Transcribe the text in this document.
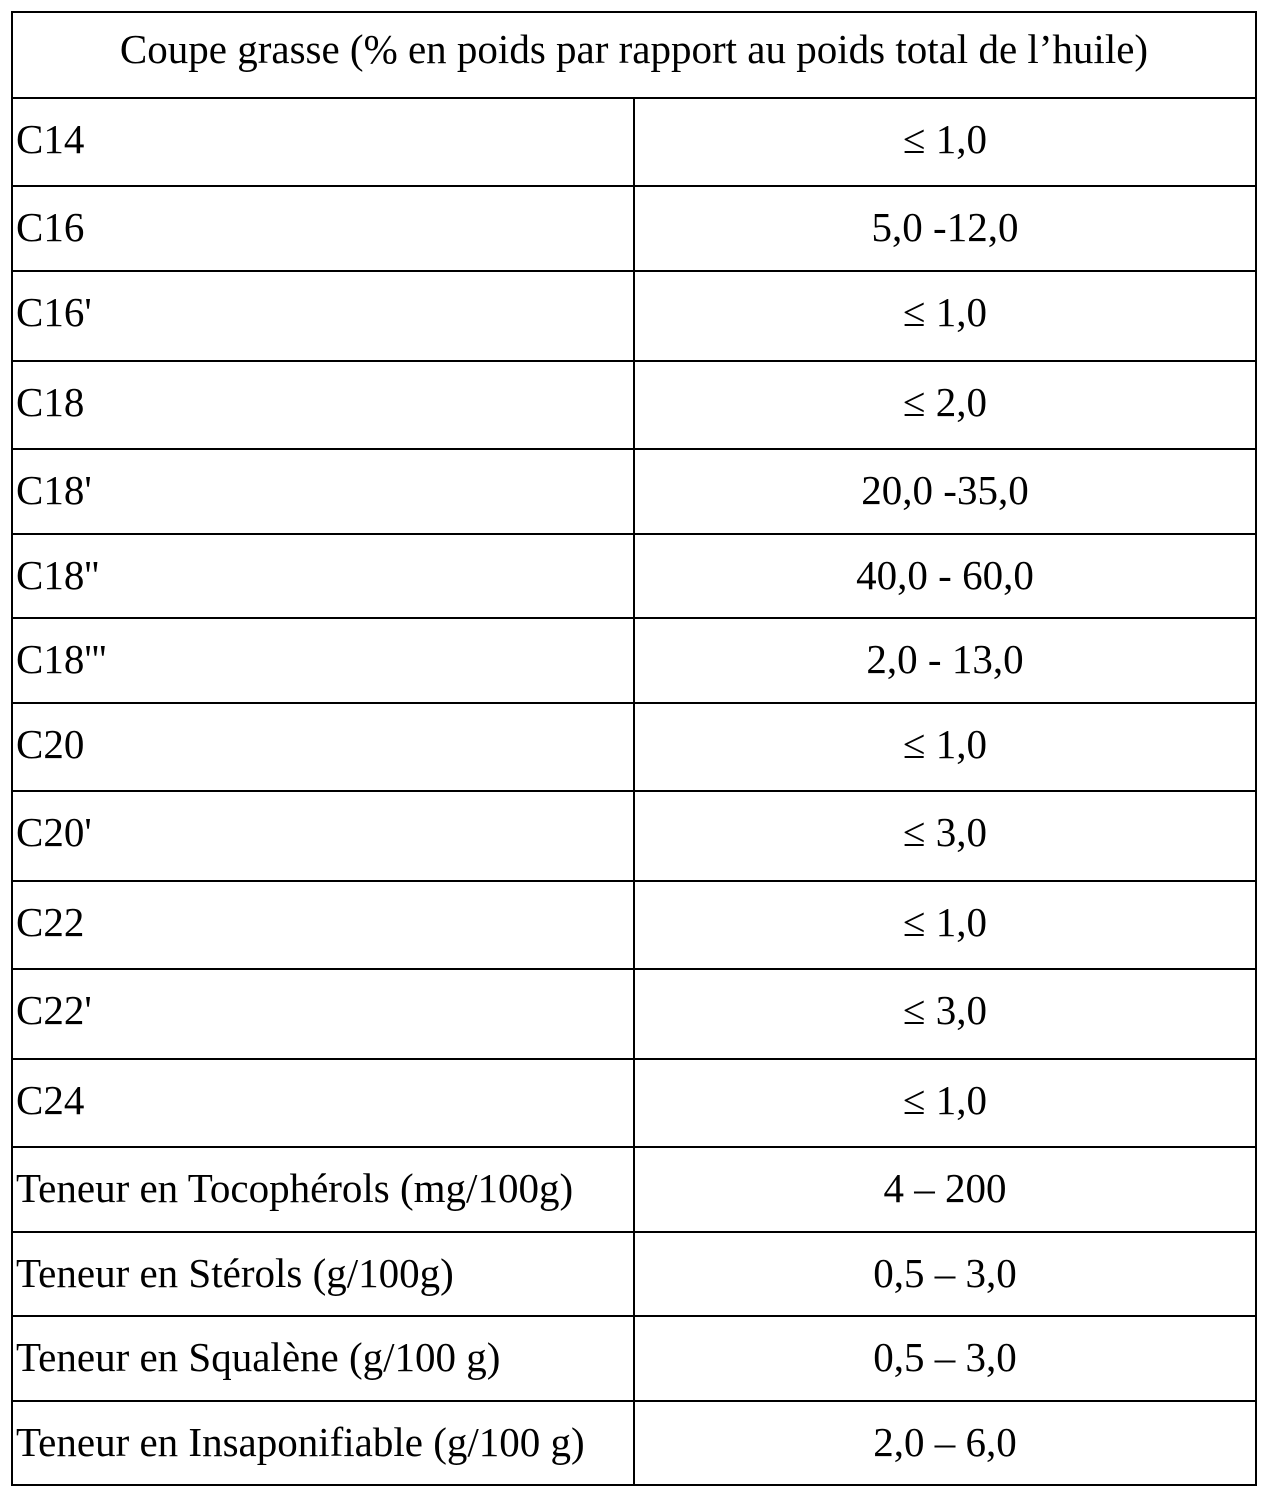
Coupe grasse (% en poids par rapport au poids total de l’huile)	
C14	≤ 1,0
C16	5,0 -12,0
C16'	≤ 1,0
C18	≤ 2,0
C18'	20,0 -35,0
C18''	40,0 - 60,0
C18'''	2,0 - 13,0
C20	≤ 1,0
C20'	≤ 3,0
C22	≤ 1,0
C22'	≤ 3,0
C24	≤ 1,0
Teneur en Tocophérols (mg/100g)	4 – 200
Teneur en Stérols (g/100g)	0,5 – 3,0
Teneur en Squalène (g/100 g)	0,5 – 3,0
Teneur en Insaponifiable (g/100 g)	2,0 – 6,0
